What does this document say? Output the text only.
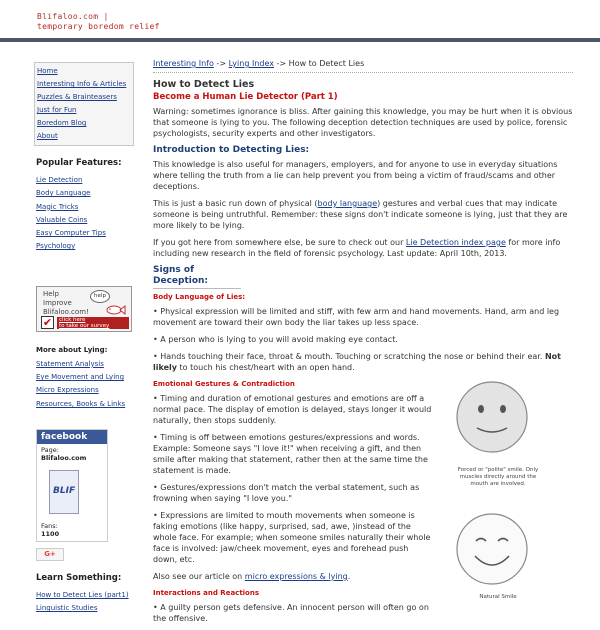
Blifaloo.com |
temporary boredom relief
Home
Interesting Info & Articles
Puzzles & Brainteasers
Just for Fun
Boredom Blog
About
Popular Features:
Lie Detection
Body Language
Magic Tricks
Valuable Coins
Easy Computer Tips
Psychology
Help
Improve
Blifaloo.com!
help
✔	click here
to take our survey
More about Lying:
Statement Analysis
Eye Movement and Lying
Micro Expressions
Resources, Books & Links
facebook
Page:
Blifaloo.com
BLIF
Fans:
1100
G+
Learn Something:
How to Detect Lies (part1)
Linguistic Studies
Interesting Info -> Lying Index -> How to Detect Lies
How to Detect Lies
Become a Human Lie Detector (Part 1)

Warning: sometimes ignorance is bliss. After gaining this knowledge, you may be hurt when it is obvious that someone is lying to you. The following deception detection techniques are used by police, forensic psychologists, security experts and other investigators.

Introduction to Detecting Lies:

This knowledge is also useful for managers, employers, and for anyone to use in everyday situations where telling the truth from a lie can help prevent you from being a victim of fraud/scams and other deceptions.

This is just a basic run down of physical (body language) gestures and verbal cues that may indicate someone is being untruthful. Remember: these signs don't indicate someone is lying, just that they are more likely to be lying.

If you got here from somewhere else, be sure to check out our Lie Detection index page for more info including new research in the field of forensic psychology. Last update: April 10th, 2013.

Signs of Deception:
Body Language of Lies:

• Physical expression will be limited and stiff, with few arm and hand movements. Hand, arm and leg movement are toward their own body the liar takes up less space.

• A person who is lying to you will avoid making eye contact.

• Hands touching their face, throat & mouth. Touching or scratching the nose or behind their ear. Not likely to touch his chest/heart with an open hand.

Emotional Gestures & Contradiction

• Timing and duration of emotional gestures and emotions are off a normal pace. The display of emotion is delayed, stays longer it would naturally, then stops suddenly.

• Timing is off between emotions gestures/expressions and words. Example: Someone says "I love it!" when receiving a gift, and then smile after making that statement, rather then at the same time the statement is made.

• Gestures/expressions don't match the verbal statement, such as frowning when saying "I love you."

• Expressions are limited to mouth movements when someone is faking emotions (like happy, surprised, sad, awe, )instead of the whole face. For example; when someone smiles naturally their whole face is involved: jaw/cheek movement, eyes and forehead push down, etc.

Also see our article on micro expressions & lying.

Interactions and Reactions

• A guilty person gets defensive. An innocent person will often go on the offensive.

Forced or "polite" smile. Only muscles directly around the mouth are involved.
Natural Smile
